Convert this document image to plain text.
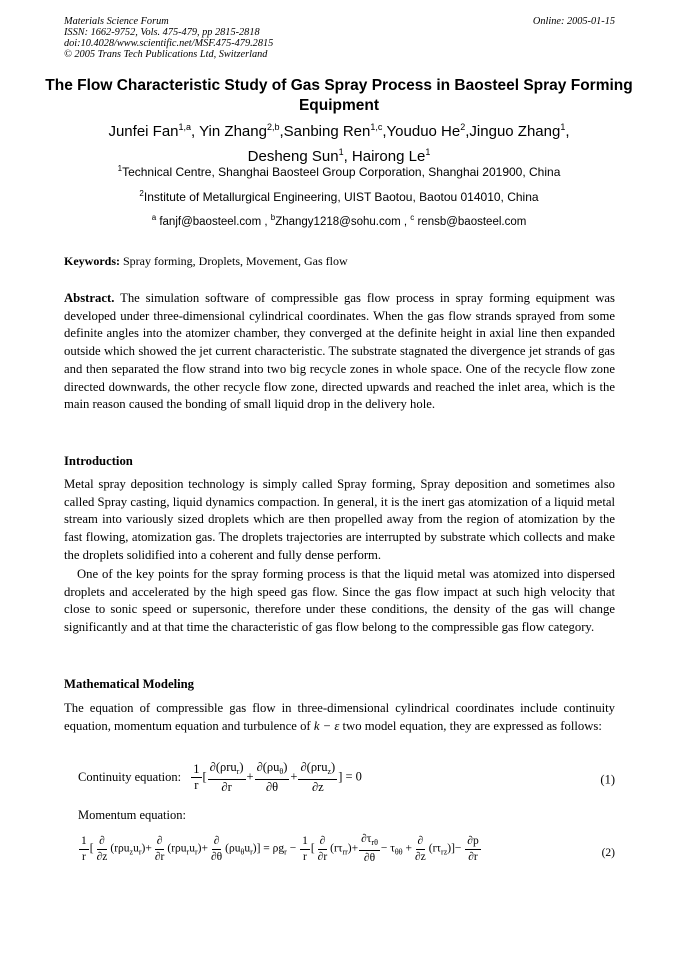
Materials Science Forum
ISSN: 1662-9752, Vols. 475-479, pp 2815-2818
doi:10.4028/www.scientific.net/MSF.475-479.2815
© 2005 Trans Tech Publications Ltd, Switzerland
Online: 2005-01-15
The Flow Characteristic Study of Gas Spray Process in Baosteel Spray Forming Equipment
Junfei Fan$^{1,a}$, Yin Zhang$^{2,b}$,Sanbing Ren$^{1,c}$,Youduo He$^2$,Jinguo Zhang$^1$,
Desheng Sun$^1$, Hairong Le$^1$
$^1$Technical Centre, Shanghai Baosteel Group Corporation, Shanghai 201900, China
$^2$Institute of Metallurgical Engineering, UIST Baotou, Baotou 014010, China
$^a$ fanjf@baosteel.com , $^b$Zhangy1218@sohu.com , $^c$ rensb@baosteel.com
Keywords: Spray forming, Droplets, Movement, Gas flow

Abstract. The simulation software of compressible gas flow process in spray forming equipment was developed under three-dimensional cylindrical coordinates. When the gas flow strands sprayed from some definite angles into the atomizer chamber, they converged at the definite height in axial line then expanded outside which showed the jet current characteristic. The substrate stagnated the divergence jet strands of gas and then separated the flow strand into two big recycle zones in whole space. One of the recycle flow zone directed downwards, the other recycle flow zone, directed upwards and reached the inlet area, which is the main reason caused the bonding of small liquid drop in the delivery hole.

Introduction

Metal spray deposition technology is simply called Spray forming, Spray deposition and sometimes also called Spray casting, liquid dynamics compaction. In general, it is the inert gas atomization of a liquid metal stream into variously sized droplets which are then propelled away from the region of atomization by the fast flowing, atomization gas. The droplets trajectories are interrupted by substrate which collects and make the droplets solidified into a coherent and fully dense perform.

One of the key points for the spray forming process is that the liquid metal was atomized into dispersed droplets and accelerated by the high speed gas flow. Since the gas flow impact at such high velocity that close to sonic speed or supersonic, therefore under these conditions, the density of the gas will change significantly and at that time the characteristic of gas flow belong to the compressible gas flow category.

Mathematical Modeling

The equation of compressible gas flow in three-dimensional cylindrical coordinates include continuity equation, momentum equation and turbulence of k − ε two model equation, they are expressed as follows:

Continuity equation: $\frac{1}{r}$ [ $\frac{\partial(\rho ru_r)}{\partial r} + \frac{\partial(\rho u_\theta)}{\partial\theta} + \frac{\partial(\rho ru_z)}{\partial z}$ ] = 0	(1)
Momentum equation:
$\frac{1}{r}$ [ $\frac{\partial}{\partial z} (r\rho u_zu_r)+ \frac{\partial}{\partial r} (r\rho u_ru_r)+ \frac{\partial}{\partial\theta} (\rho u_\theta u_r)] = \rho g_r - \frac{1}{r}$ [ $\frac{\partial}{\partial r} (r\tau_{rr})+ \frac{\partial\tau_{r\theta}}{\partial\theta} - \tau_{\theta\theta} + \frac{\partial}{\partial z} (r\tau_{rz})]- \frac{\partial p}{\partial r}$	(2)
